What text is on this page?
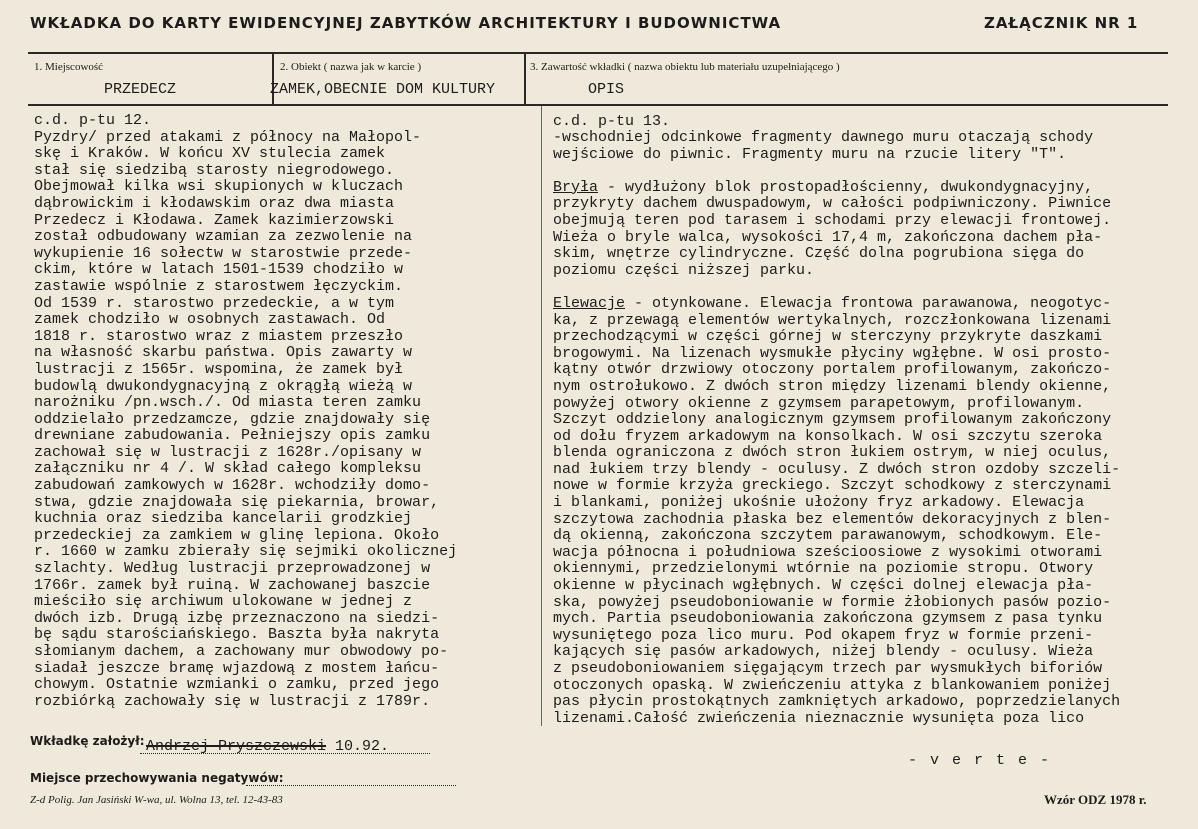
WKŁADKA DO KARTY EWIDENCYJNEJ ZABYTKÓW ARCHITEKTURY I BUDOWNICTWA	ZAŁĄCZNIK NR 1
1. Miejscowość
PRZEDECZ
2. Obiekt ( nazwa jak w karcie )
ZAMEK,OBECNIE DOM KULTURY
3. Zawartość wkładki ( nazwa obiektu lub materiału uzupełniającego )
OPIS
c.d. p-tu 12.
Pyzdry/ przed atakami z północy na Małopol-
skę i Kraków. W końcu XV stulecia zamek
stał się siedzibą starosty niegrodowego.
Obejmował kilka wsi skupionych w kluczach
dąbrowickim i kłodawskim oraz dwa miasta
Przedecz i Kłodawa. Zamek kazimierzowski
został odbudowany wzamian za zezwolenie na
wykupienie 16 sołectw w starostwie przede-
ckim, które w latach 1501-1539 chodziło w
zastawie wspólnie z starostwem łęczyckim.
Od 1539 r. starostwo przedeckie, a w tym
zamek chodziło w osobnych zastawach. Od
1818 r. starostwo wraz z miastem przeszło
na własność skarbu państwa. Opis zawarty w
lustracji z 1565r. wspomina, że zamek był
budowlą dwukondygnacyjną z okrągłą wieżą w
narożniku /pn.wsch./. Od miasta teren zamku
oddzielało przedzamcze, gdzie znajdowały się
drewniane zabudowania. Pełniejszy opis zamku
zachował się w lustracji z 1628r./opisany w
załączniku nr 4 /. W skład całego kompleksu
zabudowań zamkowych w 1628r. wchodziły domo-
stwa, gdzie znajdowała się piekarnia, browar,
kuchnia oraz siedziba kancelarii grodzkiej
przedeckiej za zamkiem w glinę lepiona. Około
r. 1660 w zamku zbierały się sejmiki okolicznej
szlachty. Według lustracji przeprowadzonej w
1766r. zamek był ruiną. W zachowanej baszcie
mieściło się archiwum ulokowane w jednej z
dwóch izb. Drugą izbę przeznaczono na siedzi-
bę sądu starościańskiego. Baszta była nakryta
słomianym dachem, a zachowany mur obwodowy po-
siadał jeszcze bramę wjazdową z mostem łańcu-
chowym. Ostatnie wzmianki o zamku, przed jego
rozbiórką zachowały się w lustracji z 1789r.
c.d. p-tu 13.
-wschodniej odcinkowe fragmenty dawnego muru otaczają schody
wejściowe do piwnic. Fragmenty muru na rzucie litery "T".

Bryła - wydłużony blok prostopadłościenny, dwukondygnacyjny,
przykryty dachem dwuspadowym, w całości podpiwniczony. Piwnice
obejmują teren pod tarasem i schodami przy elewacji frontowej.
Wieża o bryle walca, wysokości 17,4 m, zakończona dachem pła-
skim, wnętrze cylindryczne. Część dolna pogrubiona sięga do
poziomu części niższej parku.

Elewacje - otynkowane. Elewacja frontowa parawanowa, neogotyc-
ka, z przewagą elementów wertykalnych, rozczłonkowana lizenami
przechodzącymi w części górnej w sterczyny przykryte daszkami
brogowymi. Na lizenach wysmukłe płyciny wgłębne. W osi prosto-
kątny otwór drzwiowy otoczony portalem profilowanym, zakończo-
nym ostrołukowo. Z dwóch stron między lizenami blendy okienne,
powyżej otwory okienne z gzymsem parapetowym, profilowanym.
Szczyt oddzielony analogicznym gzymsem profilowanym zakończony
od dołu fryzem arkadowym na konsolkach. W osi szczytu szeroka
blenda ograniczona z dwóch stron łukiem ostrym, w niej oculus,
nad łukiem trzy blendy - oculusy. Z dwóch stron ozdoby szczeli-
nowe w formie krzyża greckiego. Szczyt schodkowy z sterczynami
i blankami, poniżej ukośnie ułożony fryz arkadowy. Elewacja
szczytowa zachodnia płaska bez elementów dekoracyjnych z blen-
dą okienną, zakończona szczytem parawanowym, schodkowym. Ele-
wacja północna i południowa sześcioosiowe z wysokimi otworami
okiennymi, przedzielonymi wtórnie na poziomie stropu. Otwory
okienne w płycinach wgłębnych. W części dolnej elewacja pła-
ska, powyżej pseudoboniowanie w formie żłobionych pasów pozio-
mych. Partia pseudoboniowania zakończona gzymsem z pasa tynku
wysuniętego poza lico muru. Pod okapem fryz w formie przeni-
kających się pasów arkadowych, niżej blendy - oculusy. Wieża
z pseudoboniowaniem sięgającym trzech par wysmukłych biforiów
otoczonych opaską. W zwieńczeniu attyka z blankowaniem poniżej
pas płycin prostokątnych zamkniętych arkadowo, poprzedzielanych
lizenami.Całość zwieńczenia nieznacznie wysunięta poza lico
Wkładkę założył: Andrzej Pryszczewski 10.92.
Miejsce przechowywania negatywów:
- v e r t e -
Z-d Polig. Jan Jasiński W-wa, ul. Wolna 13, tel. 12-43-83	Wzór ODZ 1978 r.
